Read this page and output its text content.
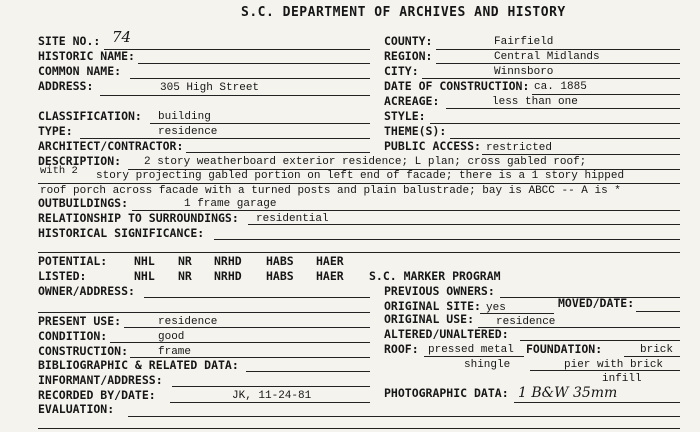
S.C. DEPARTMENT OF ARCHIVES AND HISTORY
SITE NO.: 74
HISTORIC NAME:
COMMON NAME:
ADDRESS:	305 High Street
COUNTY:	Fairfield
REGION:	Central Midlands
CITY:	Winnsboro
DATE OF CONSTRUCTION: ca. 1885
ACREAGE:	less than one
CLASSIFICATION: building
TYPE:	residence
ARCHITECT/CONTRACTOR:
STYLE:
THEME(S):
PUBLIC ACCESS: restricted
DESCRIPTION: 2 story weatherboard exterior residence; L plan; cross gabled roof;
with 2 story projecting gabled portion on left end of facade; there is a 1 story hipped
roof porch across facade with a turned posts and plain balustrade; bay is ABCC -- A is *
OUTBUILDINGS:	1 frame garage
RELATIONSHIP TO SURROUNDINGS: residential
HISTORICAL SIGNIFICANCE:
POTENTIAL: NHL NR NRHD HABS HAER
LISTED:	NHL NR NRHD HABS HAER S.C. MARKER PROGRAM
OWNER/ADDRESS:	PREVIOUS OWNERS:
ORIGINAL SITE: yes	MOVED/DATE:
ORIGINAL USE: residence
ALTERED/UNALTERED:
PRESENT USE:	residence
CONDITION:	good
CONSTRUCTION:	frame	ROOF: pressed metal
shingle
FOUNDATION:	brick
pier with brick
infill
BIBLIOGRAPHIC & RELATED DATA:
INFORMANT/ADDRESS:
RECORDED BY/DATE:	JK, 11-24-81	PHOTOGRAPHIC DATA: 1 B&W 35mm
EVALUATION:
